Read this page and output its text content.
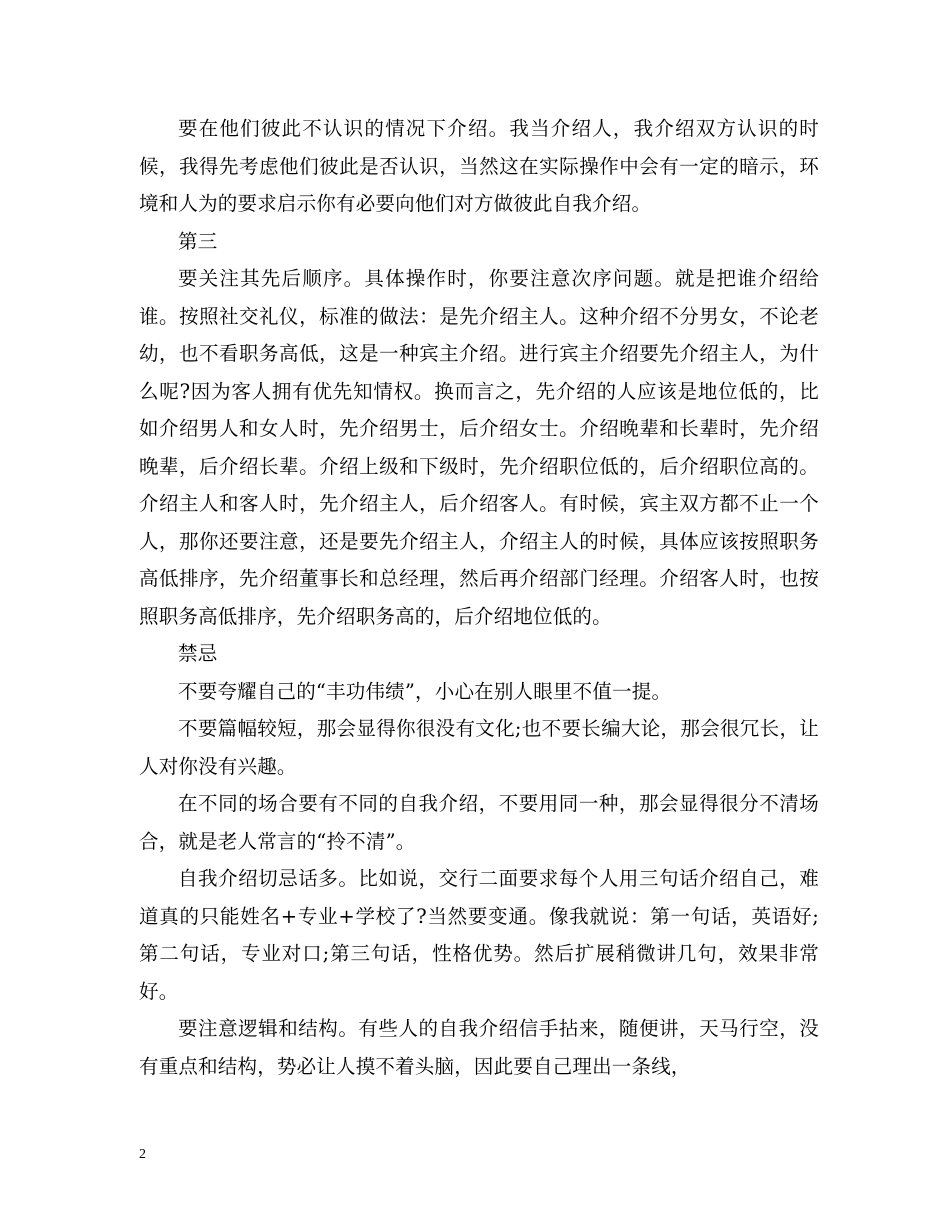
要在他们彼此不认识的情况下介绍。我当介绍人，我介绍双方认识的时候，我得先考虑他们彼此是否认识，当然这在实际操作中会有一定的暗示，环境和人为的要求启示你有必要向他们对方做彼此自我介绍。

第三

要关注其先后顺序。具体操作时，你要注意次序问题。就是把谁介绍给谁。按照社交礼仪，标准的做法：是先介绍主人。这种介绍不分男女，不论老幼，也不看职务高低，这是一种宾主介绍。进行宾主介绍要先介绍主人，为什么呢?因为客人拥有优先知情权。换而言之，先介绍的人应该是地位低的，比如介绍男人和女人时，先介绍男士，后介绍女士。介绍晚辈和长辈时，先介绍晚辈，后介绍长辈。介绍上级和下级时，先介绍职位低的，后介绍职位高的。介绍主人和客人时，先介绍主人，后介绍客人。有时候，宾主双方都不止一个人，那你还要注意，还是要先介绍主人，介绍主人的时候，具体应该按照职务高低排序，先介绍董事长和总经理，然后再介绍部门经理。介绍客人时，也按照职务高低排序，先介绍职务高的，后介绍地位低的。

禁忌

不要夸耀自己的“丰功伟绩”，小心在别人眼里不值一提。

不要篇幅较短，那会显得你很没有文化;也不要长编大论，那会很冗长，让人对你没有兴趣。

在不同的场合要有不同的自我介绍，不要用同一种，那会显得很分不清场合，就是老人常言的“拎不清”。

自我介绍切忌话多。比如说，交行二面要求每个人用三句话介绍自己，难道真的只能姓名+专业+学校了?当然要变通。像我就说：第一句话，英语好;第二句话，专业对口;第三句话，性格优势。然后扩展稍微讲几句，效果非常好。

要注意逻辑和结构。有些人的自我介绍信手拈来，随便讲，天马行空，没有重点和结构，势必让人摸不着头脑，因此要自己理出一条线，

2
